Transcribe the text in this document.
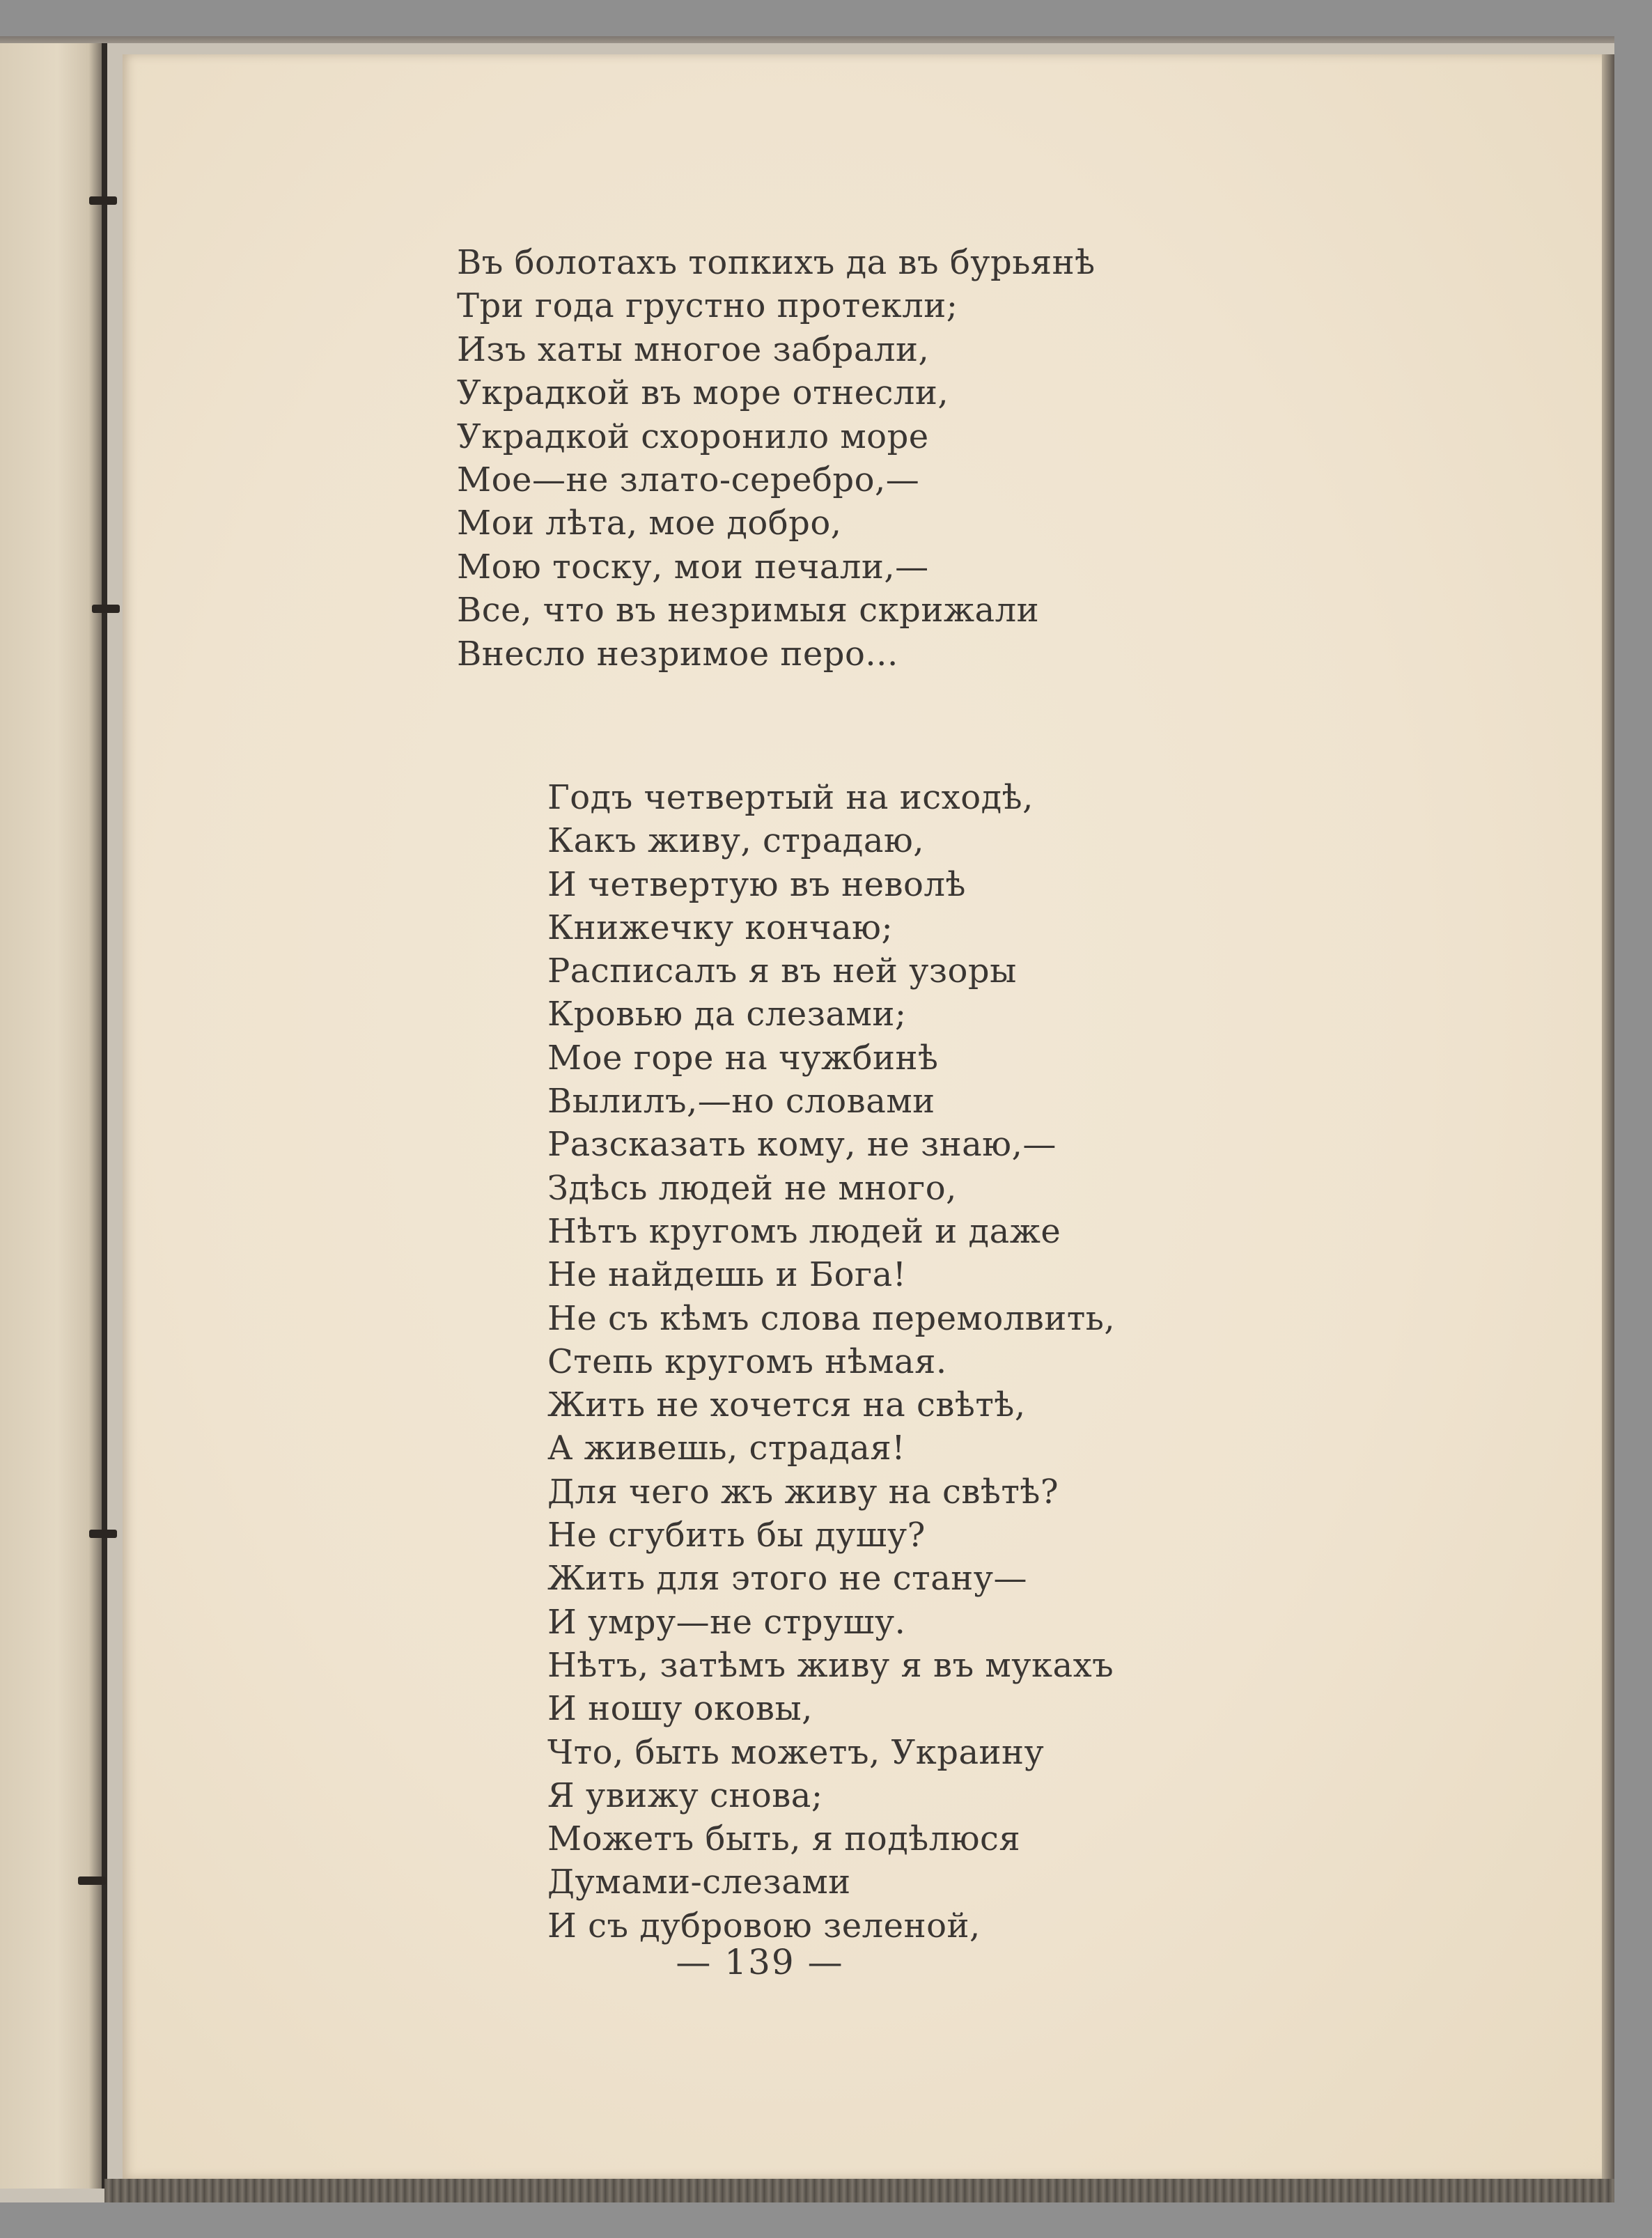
Въ болотахъ топкихъ да въ бурьянѣ
Три года грустно протекли;
Изъ хаты многое забрали,
Украдкой въ море отнесли,
Украдкой схоронило море
Мое—не злато-серебро,—
Мои лѣта, мое добро,
Мою тоску, мои печали,—
Все, что въ незримыя скрижали
Внесло незримое перо...
Годъ четвертый на исходѣ,
Какъ живу, страдаю,
И четвертую въ неволѣ
Книжечку кончаю;
Расписалъ я въ ней узоры
Кровью да слезами;
Мое горе на чужбинѣ
Вылилъ,—но словами
Разсказать кому, не знаю,—
Здѣсь людей не много,
Нѣтъ кругомъ людей и даже
Не найдешь и Бога!
Не съ кѣмъ слова перемолвить,
Степь кругомъ нѣмая.
Жить не хочется на свѣтѣ,
А живешь, страдая!
Для чего жъ живу на свѣтѣ?
Не сгубить бы душу?
Жить для этого не стану—
И умру—не струшу.
Нѣтъ, затѣмъ живу я въ мукахъ
И ношу оковы,
Что, быть можетъ, Украину
Я увижу снова;
Можетъ быть, я подѣлюся
Думами-слезами
И съ дубровою зеленой,
— 139 —
